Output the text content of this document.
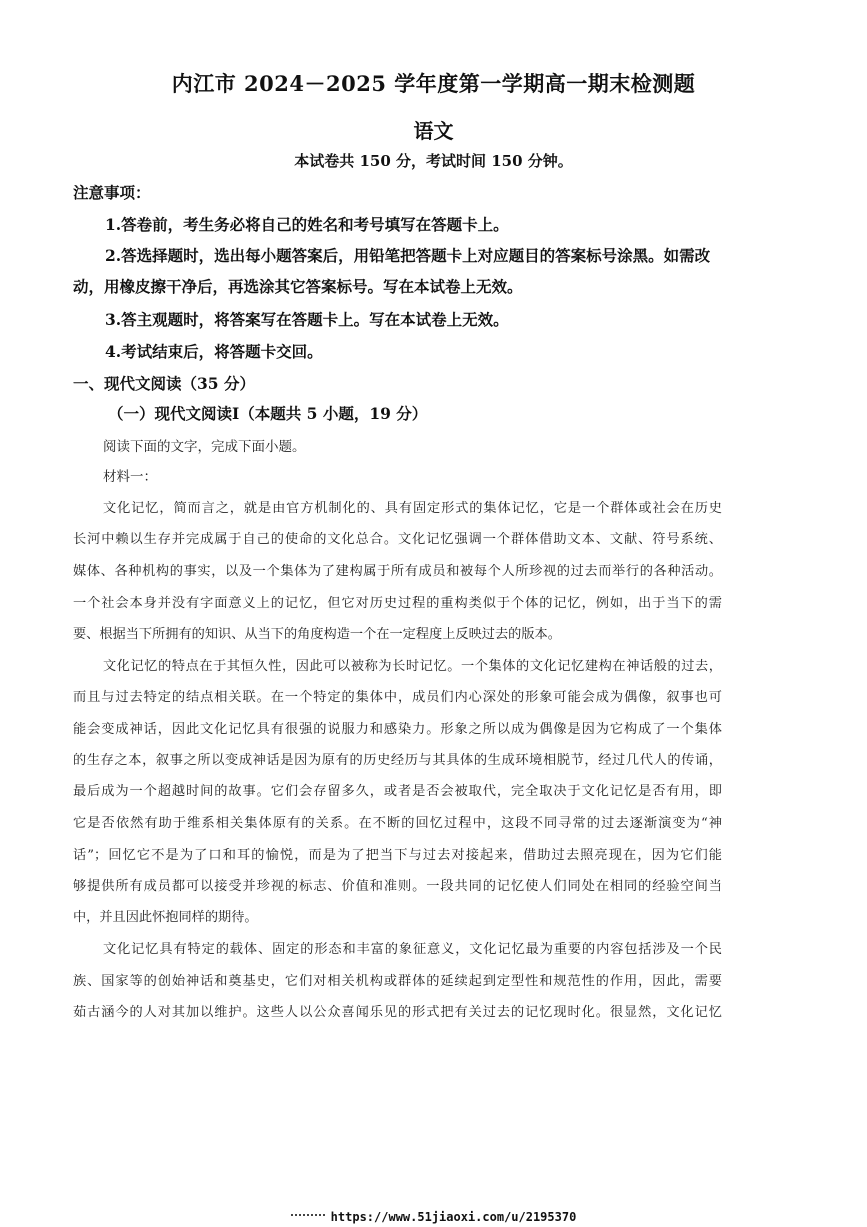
内江市 2024－2025 学年度第一学期高一期末检测题
语文
本试卷共 150 分，考试时间 150 分钟。
注意事项：
1.答卷前，考生务必将自己的姓名和考号填写在答题卡上。
2.答选择题时，选出每小题答案后，用铅笔把答题卡上对应题目的答案标号涂黑。如需改
动，用橡皮擦干净后，再选涂其它答案标号。写在本试卷上无效。
3.答主观题时，将答案写在答题卡上。写在本试卷上无效。
4.考试结束后，将答题卡交回。
一、现代文阅读（35 分）
（一）现代文阅读Ⅰ（本题共 5 小题，19 分）
阅读下面的文字，完成下面小题。
材料一：
文化记忆，简而言之，就是由官方机制化的、具有固定形式的集体记忆，它是一个群体或社会在历史
长河中赖以生存并完成属于自己的使命的文化总合。文化记忆强调一个群体借助文本、文献、符号系统、
媒体、各种机构的事实，以及一个集体为了建构属于所有成员和被每个人所珍视的过去而举行的各种活动。
一个社会本身并没有字面意义上的记忆，但它对历史过程的重构类似于个体的记忆，例如，出于当下的需
要、根据当下所拥有的知识、从当下的角度构造一个在一定程度上反映过去的版本。
文化记忆的特点在于其恒久性，因此可以被称为长时记忆。一个集体的文化记忆建构在神话般的过去，
而且与过去特定的结点相关联。在一个特定的集体中，成员们内心深处的形象可能会成为偶像，叙事也可
能会变成神话，因此文化记忆具有很强的说服力和感染力。形象之所以成为偶像是因为它构成了一个集体
的生存之本，叙事之所以变成神话是因为原有的历史经历与其具体的生成环境相脱节，经过几代人的传诵，
最后成为一个超越时间的故事。它们会存留多久，或者是否会被取代，完全取决于文化记忆是否有用，即
它是否依然有助于维系相关集体原有的关系。在不断的回忆过程中，这段不同寻常的过去逐渐演变为“神
话”；回忆它不是为了口和耳的愉悦，而是为了把当下与过去对接起来，借助过去照亮现在，因为它们能
够提供所有成员都可以接受并珍视的标志、价值和准则。一段共同的记忆使人们同处在相同的经验空间当
中，并且因此怀抱同样的期待。
文化记忆具有特定的载体、固定的形态和丰富的象征意义，文化记忆最为重要的内容包括涉及一个民
族、国家等的创始神话和奠基史，它们对相关机构或群体的延续起到定型性和规范性的作用，因此，需要
茹古涵今的人对其加以维护。这些人以公众喜闻乐见的形式把有关过去的记忆现时化。很显然，文化记忆
https://www.51jiaoxi.com/u/2195370
